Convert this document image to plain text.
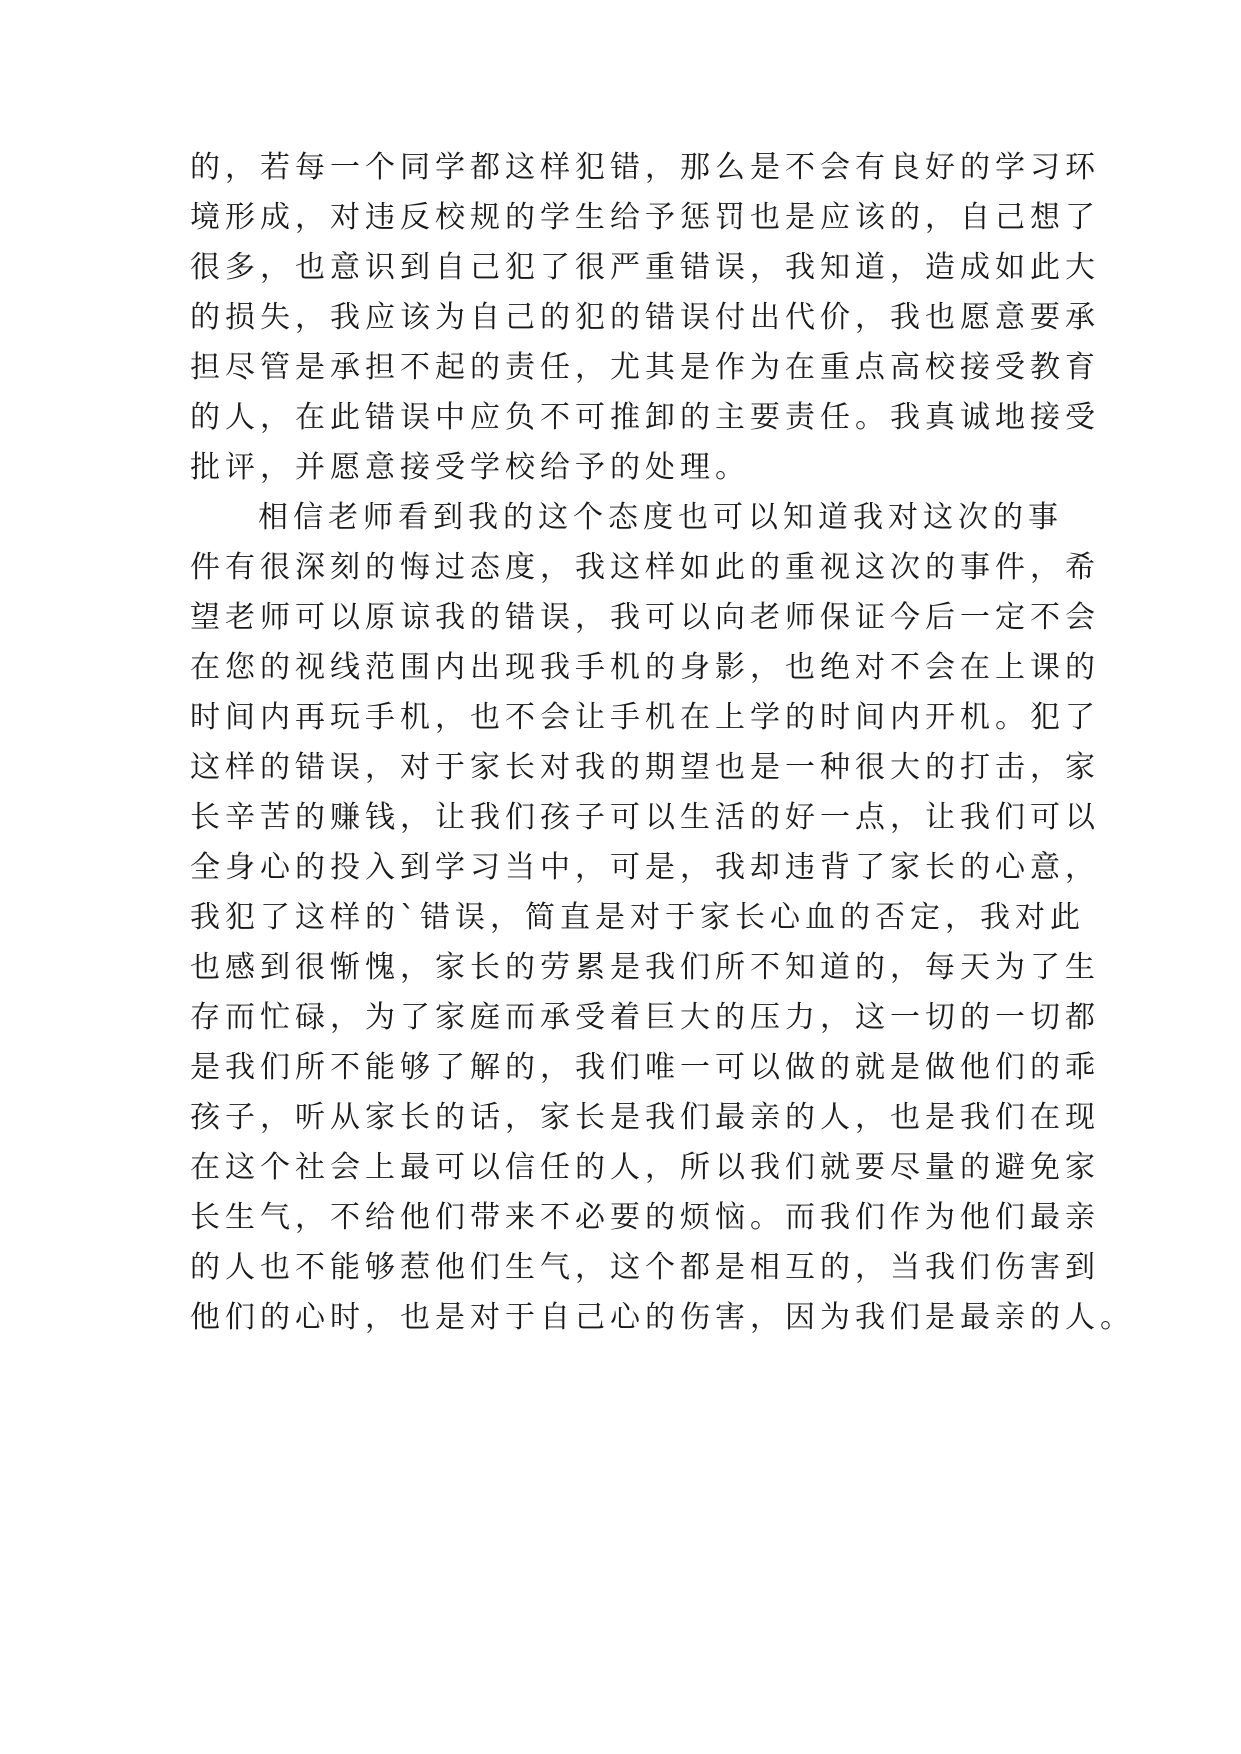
的，若每一个同学都这样犯错，那么是不会有良好的学习环
境形成，对违反校规的学生给予惩罚也是应该的，自己想了
很多，也意识到自己犯了很严重错误，我知道，造成如此大
的损失，我应该为自己的犯的错误付出代价，我也愿意要承
担尽管是承担不起的责任，尤其是作为在重点高校接受教育
的人，在此错误中应负不可推卸的主要责任。我真诚地接受
批评，并愿意接受学校给予的处理。
相信老师看到我的这个态度也可以知道我对这次的事
件有很深刻的悔过态度，我这样如此的重视这次的事件，希
望老师可以原谅我的错误，我可以向老师保证今后一定不会
在您的视线范围内出现我手机的身影，也绝对不会在上课的
时间内再玩手机，也不会让手机在上学的时间内开机。犯了
这样的错误，对于家长对我的期望也是一种很大的打击，家
长辛苦的赚钱，让我们孩子可以生活的好一点，让我们可以
全身心的投入到学习当中，可是，我却违背了家长的心意，
我犯了这样的`错误，简直是对于家长心血的否定，我对此
也感到很惭愧，家长的劳累是我们所不知道的，每天为了生
存而忙碌，为了家庭而承受着巨大的压力，这一切的一切都
是我们所不能够了解的，我们唯一可以做的就是做他们的乖
孩子，听从家长的话，家长是我们最亲的人，也是我们在现
在这个社会上最可以信任的人，所以我们就要尽量的避免家
长生气，不给他们带来不必要的烦恼。而我们作为他们最亲
的人也不能够惹他们生气，这个都是相互的，当我们伤害到
他们的心时，也是对于自己心的伤害，因为我们是最亲的人。
